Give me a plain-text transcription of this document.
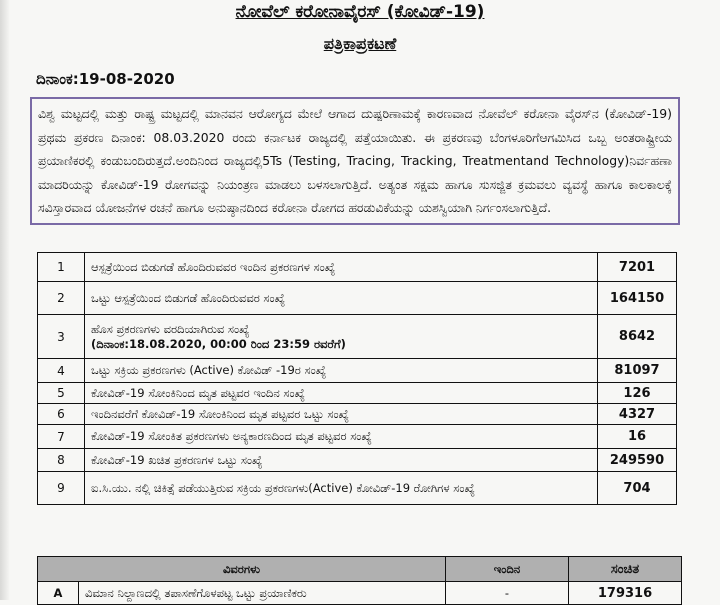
ನೋವೆಲ್ ಕರೋನಾವೈರಸ್ (ಕೋವಿಡ್-19)
ಪತ್ರಿಕಾಪ್ರಕಟಣೆ
ದಿನಾಂಕ:19-08-2020

ವಿಶ್ವ ಮಟ್ಟದಲ್ಲಿ ಮತ್ತು ರಾಷ್ಟ್ರ ಮಟ್ಟದಲ್ಲಿ ಮಾನವನ ಆರೋಗ್ಯದ ಮೇಲೆ ಆಗಾದ ದುಷ್ಪರಿಣಾಮಕ್ಕೆ ಕಾರಣವಾದ ನೋವೆಲ್ ಕರೋನಾ ವೈರಸ್‌ನ (ಕೋವಿಡ್-19) ಪ್ರಥಮ ಪ್ರಕರಣ ದಿನಾಂಕ: 08.03.2020 ರಂದು ಕರ್ನಾಟಕ ರಾಜ್ಯದಲ್ಲಿ ಪತ್ತೆಯಾಯಿತು. ಈ ಪ್ರಕರಣವು ಬೆಂಗಳೂರಿಗೆಆಗಮಿಸಿದ ಒಬ್ಬ ಅಂತರಾಷ್ಟ್ರೀಯ ಪ್ರಯಾಣಿಕರಲ್ಲಿ ಕಂಡುಬಂದಿರುತ್ತದೆ.ಅಂದಿನಿಂದ ರಾಜ್ಯದಲ್ಲಿ5Ts (Testing, Tracing, Tracking, Treatmentand Technology)ನಿರ್ವಹಣಾ ಮಾದರಿಯನ್ನು ಕೋವಿಡ್-19 ರೋಗವನ್ನು ನಿಯಂತ್ರಣ ಮಾಡಲು ಬಳಸಲಾಗುತ್ತಿದೆ. ಅತ್ಯಂತ ಸಕ್ಷಮ ಹಾಗೂ ಸುಸಜ್ಜಿತ ಕ್ರಮವಲು ವ್ಯವಸ್ಥೆ ಹಾಗೂ ಕಾಲಕಾಲಕ್ಕೆ ಸವಿಸ್ತಾರವಾದ ಯೋಜನೆಗಳ ರಚನೆ ಹಾಗೂ ಅನುಷ್ಠಾನದಿಂದ ಕರೋನಾ ರೋಗದ ಹರಡುವಿಕೆಯನ್ನು ಯಶಸ್ವಿಯಾಗಿ ನಿರ್ಗಂಸಲಾಗುತ್ತಿದೆ.

1	ಆಸ್ಪತ್ರೆಯಿಂದ ಬಿಡುಗಡೆ ಹೊಂದಿರುವವರ ಇಂದಿನ ಪ್ರಕರಣಗಳ ಸಂಖ್ಯೆ	7201
2	ಒಟ್ಟು ಆಸ್ಪತ್ರೆಯಿಂದ ಬಿಡುಗಡೆ ಹೊಂದಿರುವವರ ಸಂಖ್ಯೆ	164150
3	ಹೊಸ ಪ್ರಕರಣಗಳು ವರದಿಯಾಗಿರುವ ಸಂಖ್ಯೆ
(ದಿನಾಂಕ:18.08.2020, 00:00 ರಿಂದ 23:59 ರವರೆಗೆ)	8642
4	ಒಟ್ಟು ಸಕ್ರಿಯ ಪ್ರಕರಣಗಳು (Active) ಕೋವಿಡ್ -19ರ ಸಂಖ್ಯೆ	81097
5	ಕೋವಿಡ್-19 ಸೋಂಕಿನಿಂದ ಮೃತ ಪಟ್ಟವರ ಇಂದಿನ ಸಂಖ್ಯೆ	126
6	ಇಂದಿನವರೆಗೆ ಕೋವಿಡ್-19 ಸೋಂಕಿನಿಂದ ಮೃತ ಪಟ್ಟವರ ಒಟ್ಟು ಸಂಖ್ಯೆ	4327
7	ಕೋವಿಡ್-19 ಸೋಂಕಿತ ಪ್ರಕರಣಗಳು ಅನ್ಯಕಾರಣದಿಂದ ಮೃತ ಪಟ್ಟವರ ಸಂಖ್ಯೆ	16
8	ಕೋವಿಡ್-19 ಖಚಿತ ಪ್ರಕರಣಗಳ ಒಟ್ಟು ಸಂಖ್ಯೆ	249590
9	ಐ.ಸಿ.ಯು. ನಲ್ಲಿ ಚಿಕಿತ್ಸೆ ಪಡೆಯುತ್ತಿರುವ ಸಕ್ರಿಯ ಪ್ರಕರಣಗಳು(Active) ಕೋವಿಡ್-19 ರೋಗಿಗಳ ಸಂಖ್ಯೆ	704
ವಿವರಗಳು		ಇಂದಿನ	ಸಂಚಿತ
A	ವಿಮಾನ ನಿಲ್ದಾಣದಲ್ಲಿ ತಪಾಸಣೆಗೊಳಪಟ್ಟ ಒಟ್ಟು ಪ್ರಯಾಣಿಕರು	-	179316
